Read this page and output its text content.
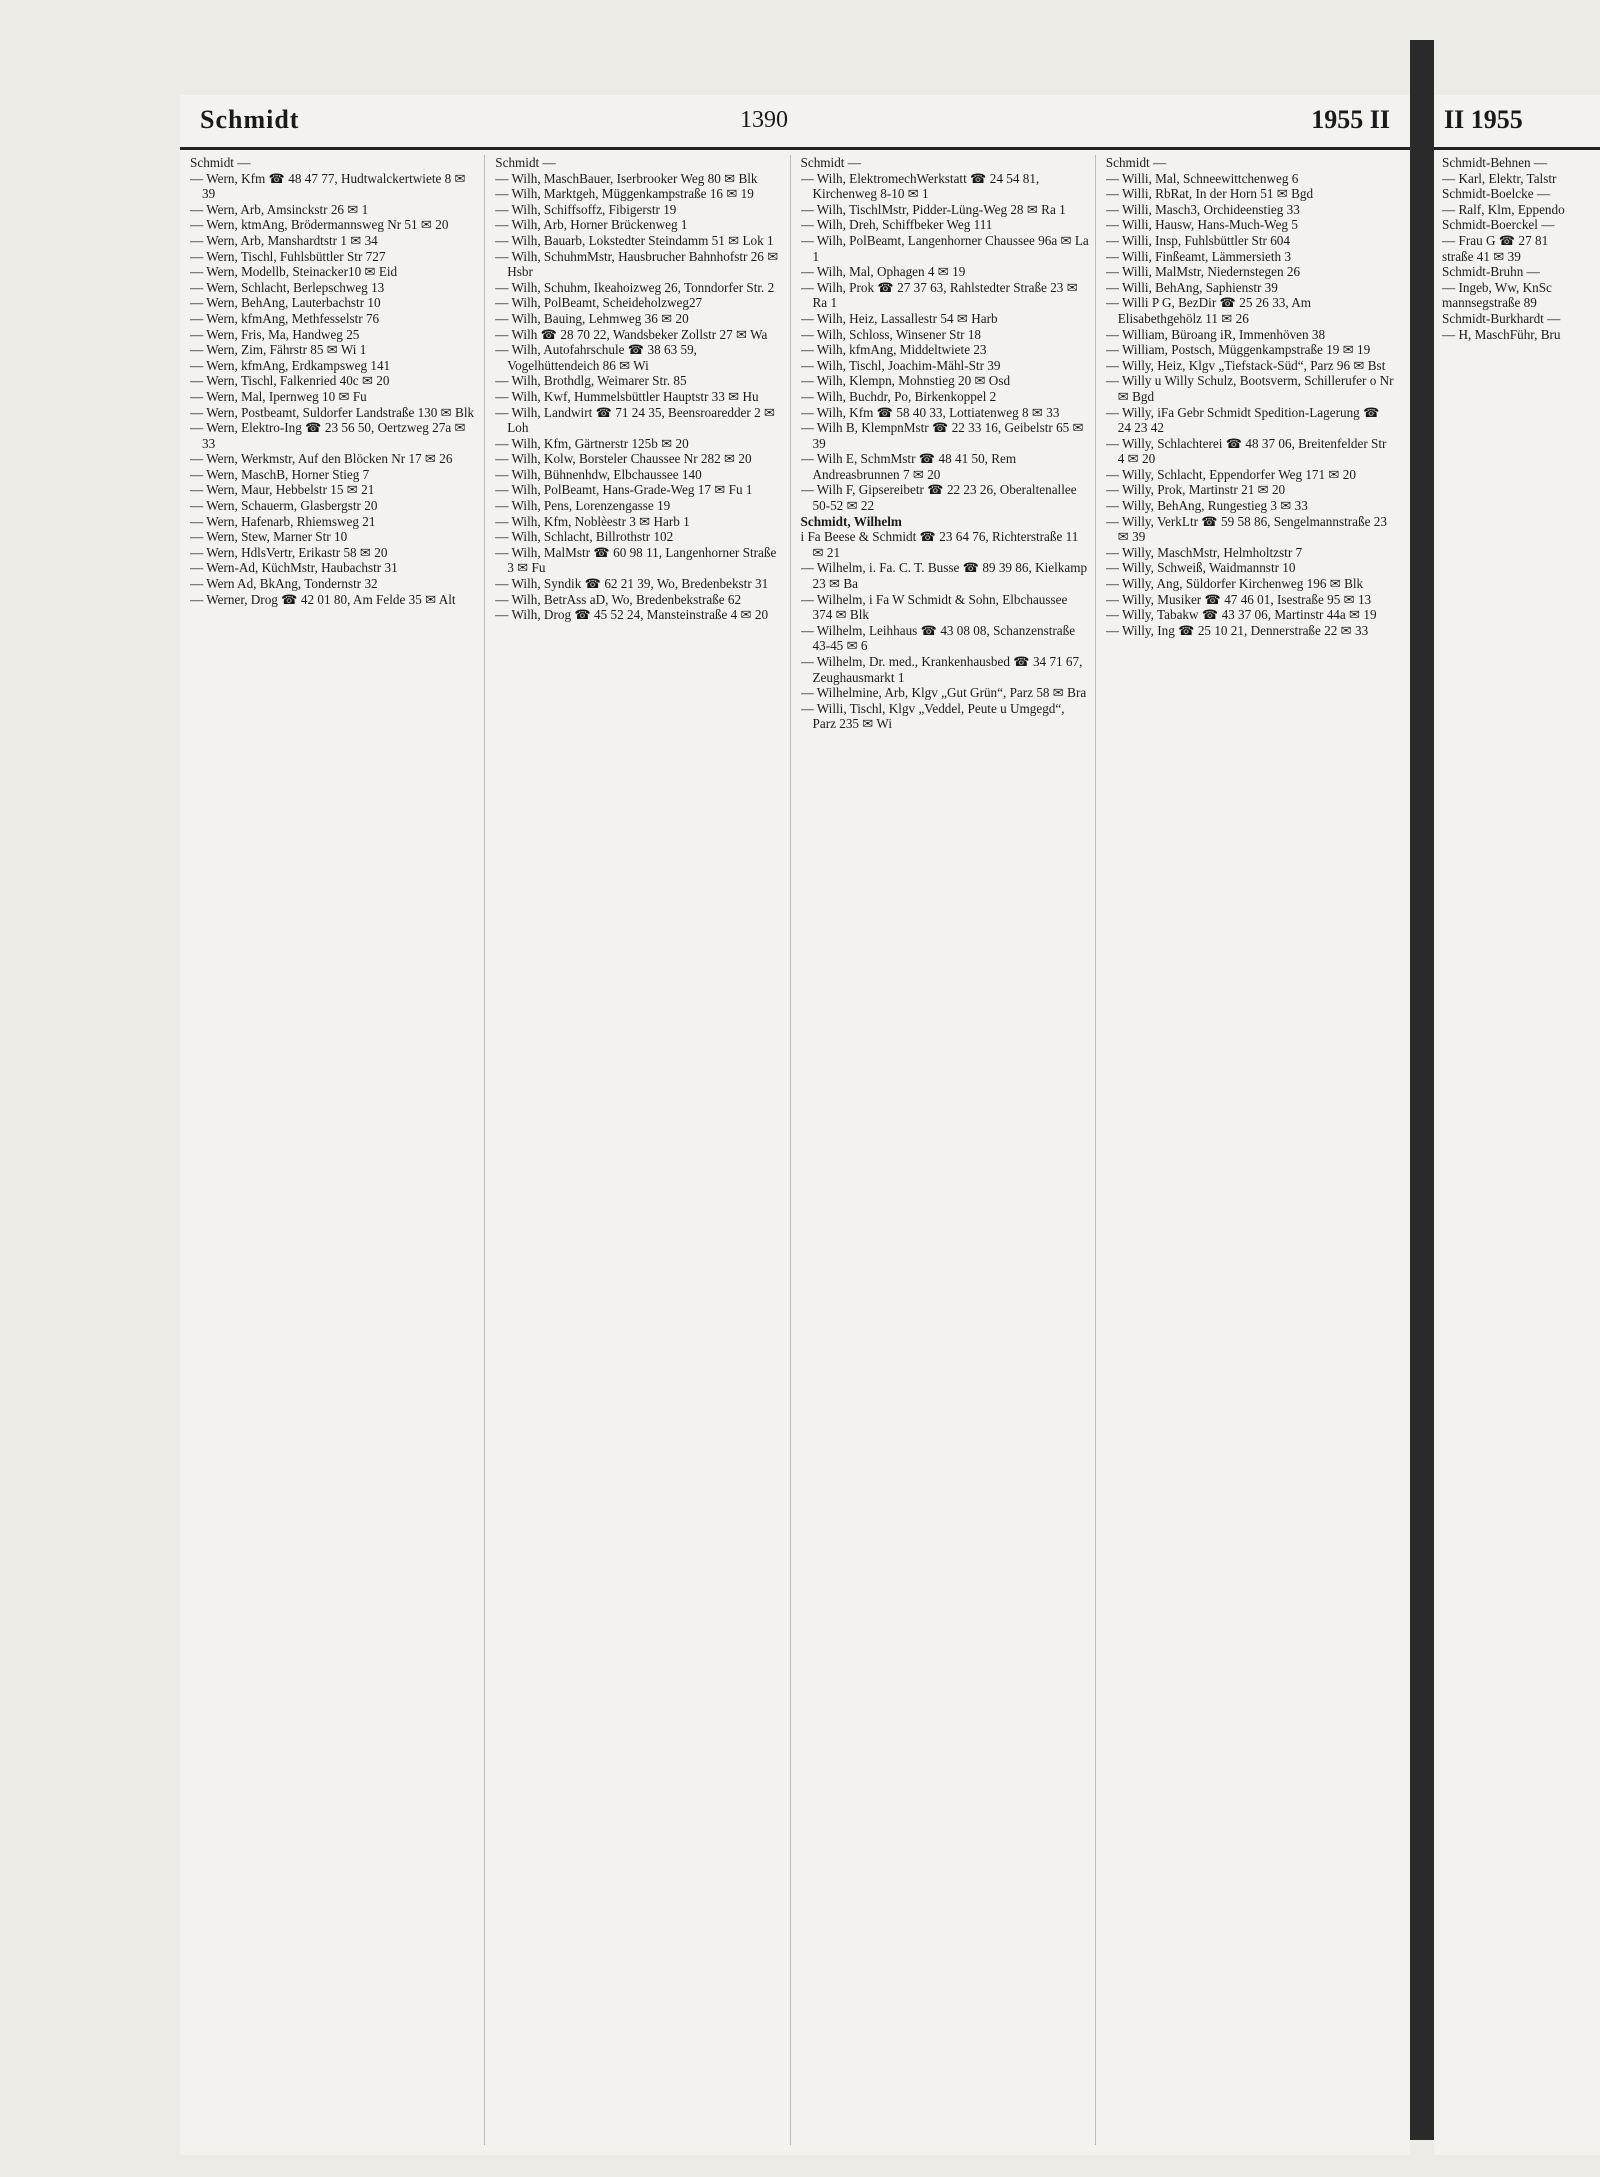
Schmidt	1390	1955 II

Schmidt —

— Wern, Kfm ☎ 48 47 77, Hudtwalckertwiete 8 ✉ 39

— Wern, Arb, Amsinckstr 26 ✉ 1

— Wern, ktmAng, Brödermannsweg Nr 51 ✉ 20

— Wern, Arb, Manshardtstr 1 ✉ 34

— Wern, Tischl, Fuhlsbüttler Str 727

— Wern, Modellb, Steinacker10 ✉ Eid

— Wern, Schlacht, Berlepschweg 13

— Wern, BehAng, Lauterbachstr 10

— Wern, kfmAng, Methfesselstr 76

— Wern, Fris, Ma, Handweg 25

— Wern, Zim, Fährstr 85 ✉ Wi 1

— Wern, kfmAng, Erdkampsweg 141

— Wern, Tischl, Falkenried 40c ✉ 20

— Wern, Mal, Ipernweg 10 ✉ Fu

— Wern, Postbeamt, Suldorfer Landstraße 130 ✉ Blk

— Wern, Elektro-Ing ☎ 23 56 50, Oertzweg 27a ✉ 33

— Wern, Werkmstr, Auf den Blöcken Nr 17 ✉ 26

— Wern, MaschB, Horner Stieg 7

— Wern, Maur, Hebbelstr 15 ✉ 21

— Wern, Schauerm, Glasbergstr 20

— Wern, Hafenarb, Rhiemsweg 21

— Wern, Stew, Marner Str 10

— Wern, HdlsVertr, Erikastr 58 ✉ 20

— Wern-Ad, KüchMstr, Haubachstr 31

— Wern Ad, BkAng, Tondernstr 32

— Werner, Drog ☎ 42 01 80, Am Felde 35 ✉ Alt

Schmidt —

— Wilh, MaschBauer, Iserbrooker Weg 80 ✉ Blk

— Wilh, Marktgeh, Müggenkampstraße 16 ✉ 19

— Wilh, Schiffsoffz, Fibigerstr 19

— Wilh, Arb, Horner Brückenweg 1

— Wilh, Bauarb, Lokstedter Steindamm 51 ✉ Lok 1

— Wilh, SchuhmMstr, Hausbrucher Bahnhofstr 26 ✉ Hsbr

— Wilh, Schuhm, Ikeahoizweg 26, Tonndorfer Str. 2

— Wilh, PolBeamt, Scheideholzweg27

— Wilh, Bauing, Lehmweg 36 ✉ 20

— Wilh ☎ 28 70 22, Wandsbeker Zollstr 27 ✉ Wa

— Wilh, Autofahrschule ☎ 38 63 59, Vogelhüttendeich 86 ✉ Wi

— Wilh, Brothdlg, Weimarer Str. 85

— Wilh, Kwf, Hummelsbüttler Hauptstr 33 ✉ Hu

— Wilh, Landwirt ☎ 71 24 35, Beensroaredder 2 ✉ Loh

— Wilh, Kfm, Gärtnerstr 125b ✉ 20

— Wilh, Kolw, Borsteler Chaussee Nr 282 ✉ 20

— Wilh, Bühnenhdw, Elbchaussee 140

— Wilh, PolBeamt, Hans-Grade-Weg 17 ✉ Fu 1

— Wilh, Pens, Lorenzengasse 19

— Wilh, Kfm, Noblèestr 3 ✉ Harb 1

— Wilh, Schlacht, Billrothstr 102

— Wilh, MalMstr ☎ 60 98 11, Langenhorner Straße 3 ✉ Fu

— Wilh, Syndik ☎ 62 21 39, Wo, Bredenbekstr 31

— Wilh, BetrAss aD, Wo, Bredenbekstraße 62

— Wilh, Drog ☎ 45 52 24, Mansteinstraße 4 ✉ 20

Schmidt —

— Wilh, ElektromechWerkstatt ☎ 24 54 81, Kirchenweg 8-10 ✉ 1

— Wilh, TischlMstr, Pidder-Lüng-Weg 28 ✉ Ra 1

— Wilh, Dreh, Schiffbeker Weg 111

— Wilh, PolBeamt, Langenhorner Chaussee 96a ✉ La 1

— Wilh, Mal, Ophagen 4 ✉ 19

— Wilh, Prok ☎ 27 37 63, Rahlstedter Straße 23 ✉ Ra 1

— Wilh, Heiz, Lassallestr 54 ✉ Harb

— Wilh, Schloss, Winsener Str 18

— Wilh, kfmAng, Middeltwiete 23

— Wilh, Tischl, Joachim-Mähl-Str 39

— Wilh, Klempn, Mohnstieg 20 ✉ Osd

— Wilh, Buchdr, Po, Birkenkoppel 2

— Wilh, Kfm ☎ 58 40 33, Lottiatenweg 8 ✉ 33

— Wilh B, KlempnMstr ☎ 22 33 16, Geibelstr 65 ✉ 39

— Wilh E, SchmMstr ☎ 48 41 50, Rem Andreasbrunnen 7 ✉ 20

— Wilh F, Gipsereibetr ☎ 22 23 26, Oberaltenallee 50-52 ✉ 22

Schmidt, Wilhelm

i Fa Beese & Schmidt ☎ 23 64 76, Richterstraße 11 ✉ 21

— Wilhelm, i. Fa. C. T. Busse ☎ 89 39 86, Kielkamp 23 ✉ Ba

— Wilhelm, i Fa W Schmidt & Sohn, Elbchaussee 374 ✉ Blk

— Wilhelm, Leihhaus ☎ 43 08 08, Schanzenstraße 43-45 ✉ 6

— Wilhelm, Dr. med., Krankenhausbed ☎ 34 71 67, Zeughausmarkt 1

— Wilhelmine, Arb, Klgv „Gut Grün“, Parz 58 ✉ Bra

— Willi, Tischl, Klgv „Veddel, Peute u Umgegd“, Parz 235 ✉ Wi

Schmidt —

— Willi, Mal, Schneewittchenweg 6

— Willi, RbRat, In der Horn 51 ✉ Bgd

— Willi, Masch3, Orchideenstieg 33

— Willi, Hausw, Hans-Much-Weg 5

— Willi, Insp, Fuhlsbüttler Str 604

— Willi, Finßeamt, Lämmersieth 3

— Willi, MalMstr, Niedernstegen 26

— Willi, BehAng, Saphienstr 39

— Willi P G, BezDir ☎ 25 26 33, Am Elisabethgehölz 11 ✉ 26

— William, Büroang iR, Immenhöven 38

— William, Postsch, Müggenkampstraße 19 ✉ 19

— Willy, Heiz, Klgv „Tiefstack-Süd“, Parz 96 ✉ Bst

— Willy u Willy Schulz, Bootsverm, Schillerufer o Nr ✉ Bgd

— Willy, iFa Gebr Schmidt Spedition-Lagerung ☎ 24 23 42

— Willy, Schlachterei ☎ 48 37 06, Breitenfelder Str 4 ✉ 20

— Willy, Schlacht, Eppendorfer Weg 171 ✉ 20

— Willy, Prok, Martinstr 21 ✉ 20

— Willy, BehAng, Rungestieg 3 ✉ 33

— Willy, VerkLtr ☎ 59 58 86, Sengelmannstraße 23 ✉ 39

— Willy, MaschMstr, Helmholtzstr 7

— Willy, Schweiß, Waidmannstr 10

— Willy, Ang, Süldorfer Kirchenweg 196 ✉ Blk

— Willy, Musiker ☎ 47 46 01, Isestraße 95 ✉ 13

— Willy, Tabakw ☎ 43 37 06, Martinstr 44a ✉ 19

— Willy, Ing ☎ 25 10 21, Dennerstraße 22 ✉ 33

II 1955
Schmidt-Behnen —
— Karl, Elektr, Talstr
Schmidt-Boelcke —
— Ralf, Klm, Eppendo
Schmidt-Boerckel —
— Frau G ☎ 27 81
straße 41 ✉ 39
Schmidt-Bruhn —
— Ingeb, Ww, KnSc
mannsegstraße 89
Schmidt-Burkhardt —
— H, MaschFühr, Bru
